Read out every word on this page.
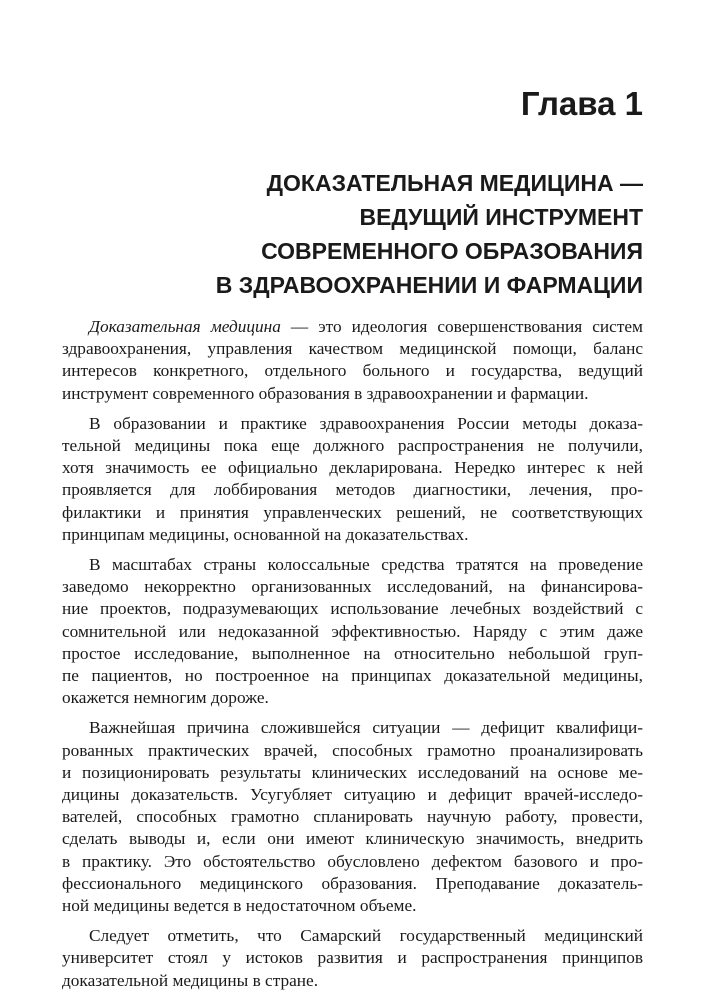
Глава 1
ДОКАЗАТЕЛЬНАЯ МЕДИЦИНА —
ВЕДУЩИЙ ИНСТРУМЕНТ
СОВРЕМЕННОГО ОБРАЗОВАНИЯ
В ЗДРАВООХРАНЕНИИ И ФАРМАЦИИ

Доказательная медицина — это идеология совершенствования систем
здравоохранения, управления качеством медицинской помощи, баланс
интересов конкретного, отдельного больного и государства, ведущий
инструмент современного образования в здравоохранении и фармации.

В образовании и практике здравоохранения России методы доказа-
тельной медицины пока еще должного распространения не получили,
хотя значимость ее официально декларирована. Нередко интерес к ней
проявляется для лоббирования методов диагностики, лечения, про-
филактики и принятия управленческих решений, не соответствующих
принципам медицины, основанной на доказательствах.

В масштабах страны колоссальные средства тратятся на проведение
заведомо некорректно организованных исследований, на финансирова-
ние проектов, подразумевающих использование лечебных воздействий с
сомнительной или недоказанной эффективностью. Наряду с этим даже
простое исследование, выполненное на относительно небольшой груп-
пе пациентов, но построенное на принципах доказательной медицины,
окажется немногим дороже.

Важнейшая причина сложившейся ситуации — дефицит квалифици-
рованных практических врачей, способных грамотно проанализировать
и позиционировать результаты клинических исследований на основе ме-
дицины доказательств. Усугубляет ситуацию и дефицит врачей-исследо-
вателей, способных грамотно спланировать научную работу, провести,
сделать выводы и, если они имеют клиническую значимость, внедрить
в практику. Это обстоятельство обусловлено дефектом базового и про-
фессионального медицинского образования. Преподавание доказатель-
ной медицины ведется в недостаточном объеме.

Следует отметить, что Самарский государственный медицинский
университет стоял у истоков развития и распространения принципов
доказательной медицины в стране.
